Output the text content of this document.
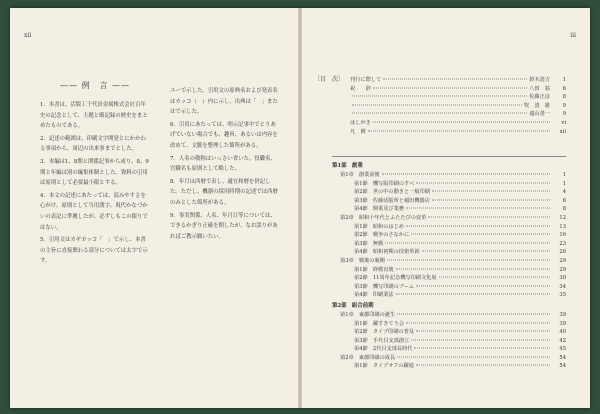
xii
—— 例　言 ——

1．本書は、活版工千代田金属株式会社百年史の記念として、主題と略記録の歴史をまとめたものである。

2．記述の範囲は、印刷文字開発とにかかわる事項から、周辺の出来事までとした。

3．本編は1、8期と関係記事から成り、8、9期と年編は別の編集体制とした。資料の引用は原則として必要最小限とする。

4．本文の記述にあたっては、読みやすさを心がけ、原則として当用漢字、現代かなづかいの表記に準拠したが、必ずしもこの限りではない。

5．引用文はカギカッコ「　」で示し、本書の主旨に直接関わる部分については太字で示す。

ユーで示した。引用文の原典名および発表名はカッコ（　）内に示し、出典は「　」またはで示した。

6．引用にあたっては、明示記事中でとりあげていない場合でも、趣旨、あるいは内容を改めて、文脈を整理した箇所がある。

7．人名の敬称はいっさい省いた。役職名、官職名も原則として略した。

8．年月は西暦で表し、適宜和暦を併記した。ただし、機器の採用時期の記述では西暦のみとした箇所がある。

9．事実関係、人名、年月日等については、できるかぎり正確を期したが、なお誤りがあればご教示願いたい。

ⅲ
〔目　次〕 刊行に際して	鈴木清吉	1
祝　　辞	八田　翁	6
佐藤正彦	8
牧　清　雄	9
遠山善一	9
はしがき	vi
凡　例	xii
第1部　創業
第1章　創業前後	1
第1節　機写版印刷のすべ	1
第2節　世の中の動きと一般印刷	4
第3節　佐藤活版所と稲田機器店	6
第4節　開業及び業務	8
第2章　昭和十年代とふたたびの変革	12
第1節　昭和のはじめ	13
第2節　戦争のさなかに	16
第3節　無戦	23
第4節　昭和初期の技術革新	26
第3章　戦後の裏側	29
第1節　終戦直後	29
第2節　11周年記念機写印刷文化展	30
第3節　機写印刷のブーム	34
第4節　印刷業法	35
第2部　組合前期
第1章　東都印刷の誕生	39
第1節　躍すきてう会	39
第2節　タイプ印刷の普及	40
第3節　手代目支部創立	42
第4節　2代目支部長時代	45
第2章　東都印刷の成長	54
第1節　タイプオフの躍進	54
